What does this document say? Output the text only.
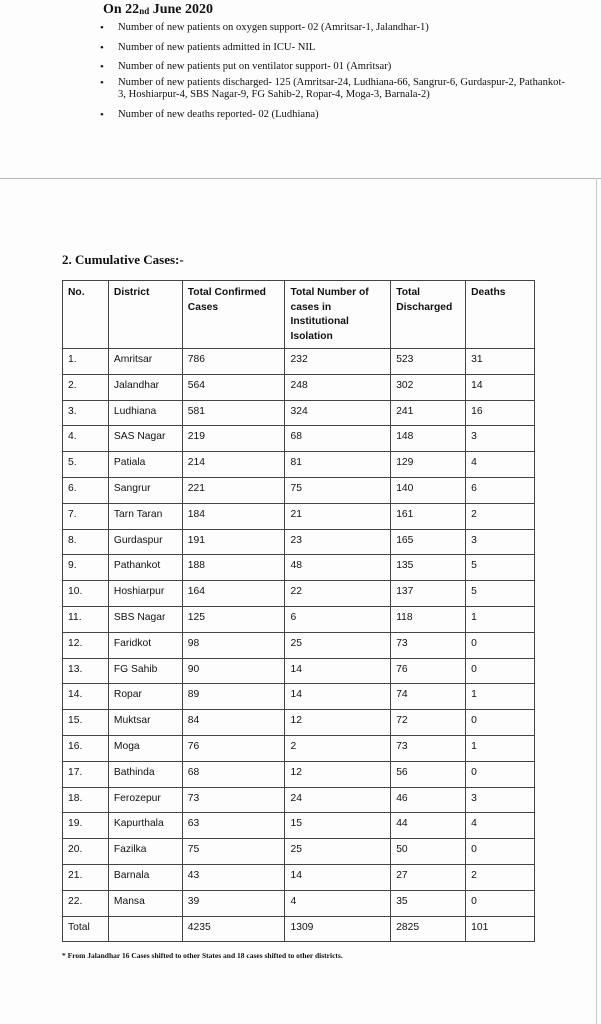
On $22_{nd}$ June 2020
• Number of new patients on oxygen support- 02 (Amritsar-1, Jalandhar-1)
• Number of new patients admitted in ICU- NIL
• Number of new patients put on ventilator support- 01 (Amritsar)
• Number of new patients discharged- 125 (Amritsar-24, Ludhiana-66, Sangrur-6, Gurdaspur-2, Pathankot-3, Hoshiarpur-4, SBS Nagar-9, FG Sahib-2, Ropar-4, Moga-3, Barnala-2)
• Number of new deaths reported- 02 (Ludhiana)
2. Cumulative Cases:-
No.	District	Total Confirmed Cases	Total Number of cases in Institutional Isolation	Total Discharged	Deaths
1.	Amritsar	786	232	523	31
2.	Jalandhar	564	248	302	14
3.	Ludhiana	581	324	241	16
4.	SAS Nagar	219	68	148	3
5.	Patiala	214	81	129	4
6.	Sangrur	221	75	140	6
7.	Tarn Taran	184	21	161	2
8.	Gurdaspur	191	23	165	3
9.	Pathankot	188	48	135	5
10.	Hoshiarpur	164	22	137	5
11.	SBS Nagar	125	6	118	1
12.	Faridkot	98	25	73	0
13.	FG Sahib	90	14	76	0
14.	Ropar	89	14	74	1
15.	Muktsar	84	12	72	0
16.	Moga	76	2	73	1
17.	Bathinda	68	12	56	0
18.	Ferozepur	73	24	46	3
19.	Kapurthala	63	15	44	4
20.	Fazilka	75	25	50	0
21.	Barnala	43	14	27	2
22.	Mansa	39	4	35	0
Total		4235	1309	2825	101
* From Jalandhar 16 Cases shifted to other States and 18 cases shifted to other districts.
